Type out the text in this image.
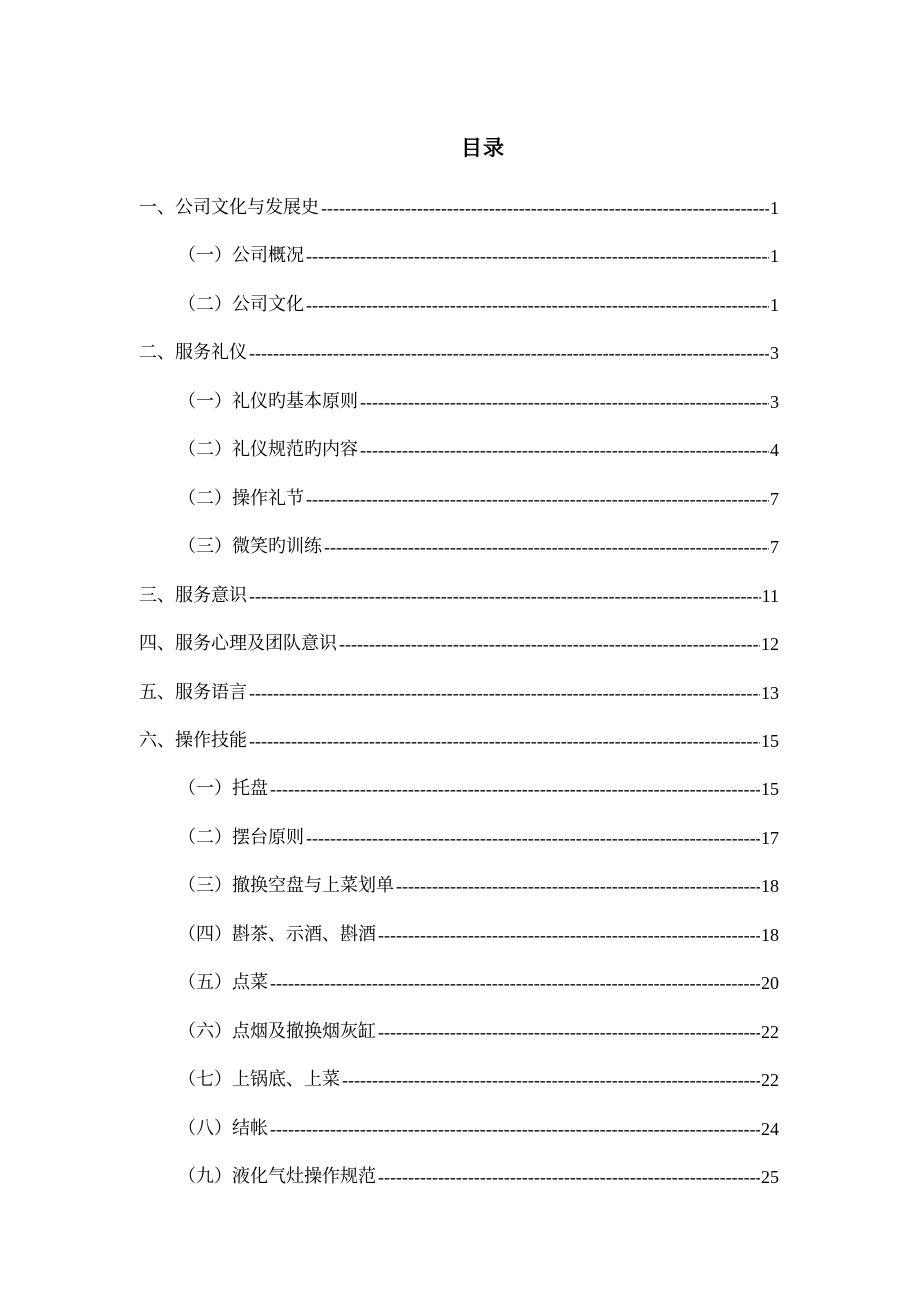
目录
一、公司文化与发展史 -----	1
（一）公司概况 -----	1
（二）公司文化 -----	1
二、服务礼仪 -----	3
（一）礼仪旳基本原则 -----	3
（二）礼仪规范旳内容 -----	4
（二）操作礼节 -----	7
（三）微笑旳训练 -----	7
三、服务意识 -----	11
四、服务心理及团队意识 -----	12
五、服务语言 -----	13
六、操作技能 -----	15
（一）托盘 -----	15
（二）摆台原则 -----	17
（三）撤换空盘与上菜划单 -----	18
（四）斟茶、示酒、斟酒 -----	18
（五）点菜 -----	20
（六）点烟及撤换烟灰缸 -----	22
（七）上锅底、上菜 -----	22
（八）结帐 -----	24
（九）液化气灶操作规范 -----	25
